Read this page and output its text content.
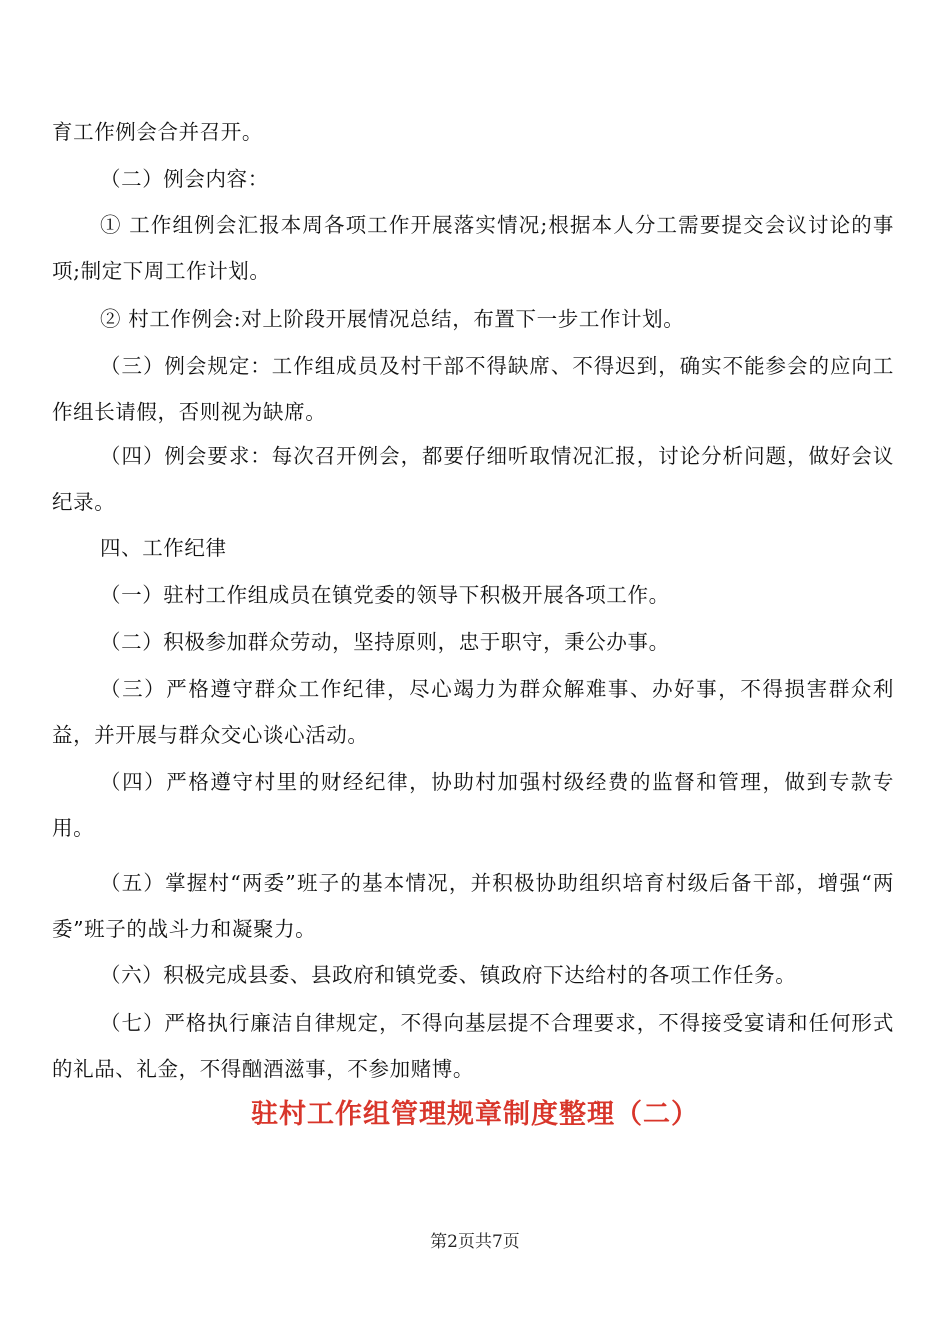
育工作例会合并召开。

（二）例会内容：

① 工作组例会汇报本周各项工作开展落实情况;根据本人分工需要提交会议讨论的事项;制定下周工作计划。

② 村工作例会:对上阶段开展情况总结，布置下一步工作计划。

（三）例会规定：工作组成员及村干部不得缺席、不得迟到，确实不能参会的应向工作组长请假，否则视为缺席。

（四）例会要求：每次召开例会，都要仔细听取情况汇报，讨论分析问题，做好会议纪录。

四、工作纪律

（一）驻村工作组成员在镇党委的领导下积极开展各项工作。

（二）积极参加群众劳动，坚持原则，忠于职守，秉公办事。

（三）严格遵守群众工作纪律，尽心竭力为群众解难事、办好事，不得损害群众利益，并开展与群众交心谈心活动。

（四）严格遵守村里的财经纪律，协助村加强村级经费的监督和管理，做到专款专用。

（五）掌握村“两委”班子的基本情况，并积极协助组织培育村级后备干部，增强“两委”班子的战斗力和凝聚力。

（六）积极完成县委、县政府和镇党委、镇政府下达给村的各项工作任务。

（七）严格执行廉洁自律规定，不得向基层提不合理要求，不得接受宴请和任何形式的礼品、礼金，不得酗酒滋事，不参加赌博。

驻村工作组管理规章制度整理（二）
第2页共7页
